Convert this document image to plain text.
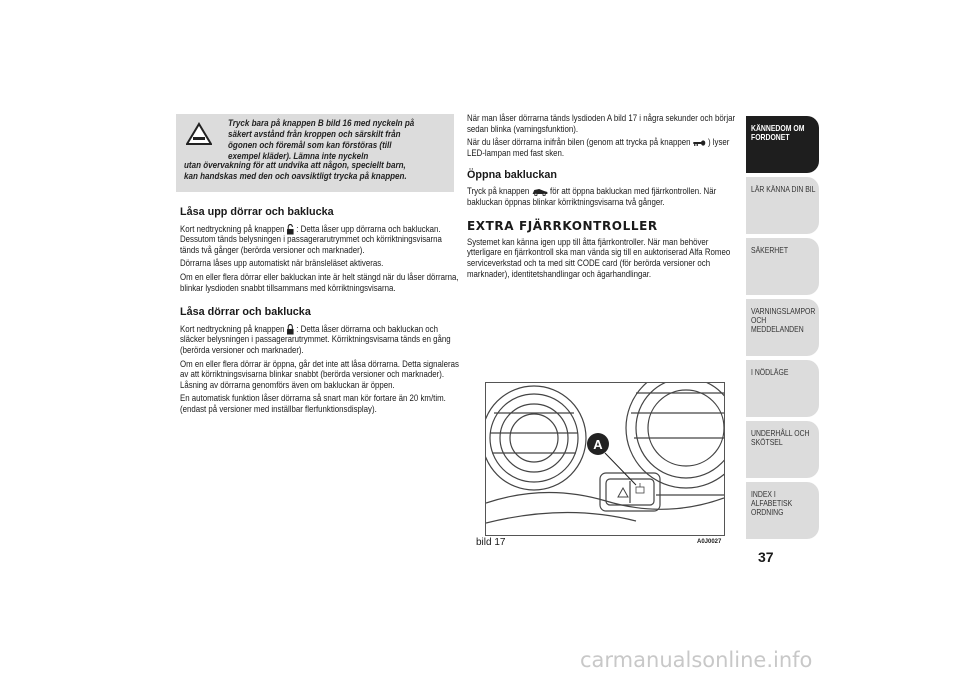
Tryck bara på knappen B bild 16 med nyckeln på säkert avstånd från kroppen och särskilt från ögonen och föremål som kan förstöras (till exempel kläder). Lämna inte nyckeln
utan övervakning för att undvika att någon, speciellt barn, kan handskas med den och oavsiktligt trycka på knappen.
Låsa upp dörrar och baklucka

Kort nedtryckning på knappen : Detta låser upp dörrarna och bakluckan. Dessutom tänds belysningen i passagerarutrymmet och körriktningsvisarna tänds två gånger (berörda versioner och marknader).

Dörrarna låses upp automatiskt när bränsleläset aktiveras.

Om en eller flera dörrar eller bakluckan inte är helt stängd när du låser dörrarna, blinkar lysdioden snabbt tillsammans med körriktningsvisarna.

Låsa dörrar och baklucka

Kort nedtryckning på knappen : Detta låser dörrarna och bakluckan och släcker belysningen i passagerarutrymmet. Körriktningsvisarna tänds en gång (berörda versioner och marknader).

Om en eller flera dörrar är öppna, går det inte att låsa dörrarna. Detta signaleras av att körriktningsvisarna blinkar snabbt (berörda versioner och marknader). Låsning av dörrarna genomförs även om bakluckan är öppen.

En automatisk funktion låser dörrarna så snart man kör fortare än 20 km/tim. (endast på versioner med inställbar flerfunktionsdisplay).

När man låser dörrarna tänds lysdioden A bild 17 i några sekunder och börjar sedan blinka (varningsfunktion).

När du låser dörrarna inifrån bilen (genom att trycka på knappen ) lyser LED-lampan med fast sken.

Öppna bakluckan

Tryck på knappen för att öppna bakluckan med fjärrkontrollen. När bakluckan öppnas blinkar körriktningsvisarna två gånger.

EXTRA FJÄRRKONTROLLER

Systemet kan känna igen upp till åtta fjärrkontroller. När man behöver ytterligare en fjärrkontroll ska man vända sig till en auktoriserad Alfa Romeo serviceverkstad och ta med sitt CODE card (för berörda versioner och marknader), identitetshandlingar och ägarhandlingar.

A
bild 17	A0J0027
KÄNNEDOM OM FORDONET
LÄR KÄNNA DIN BIL
SÄKERHET
VARNINGSLAMPOR OCH MEDDELANDEN
I NÖDLÄGE
UNDERHÅLL OCH SKÖTSEL
INDEX I ALFABETISK ORDNING
37
carmanualsonline.info
